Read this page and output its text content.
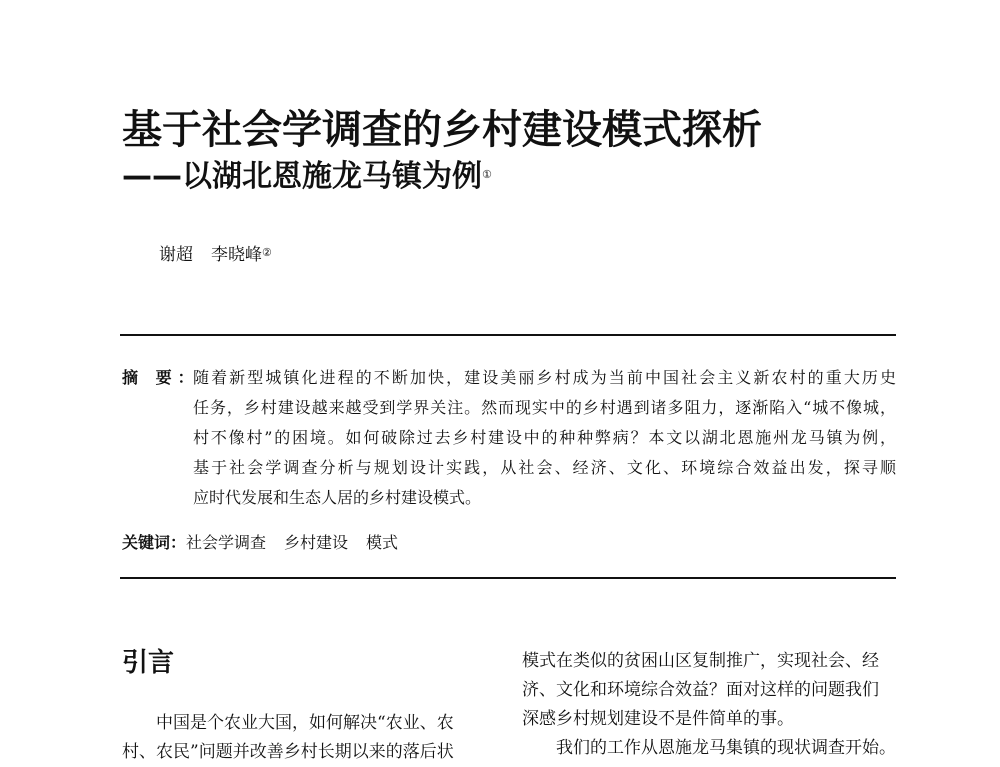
基于社会学调查的乡村建设模式探析
——以湖北恩施龙马镇为例①
谢超 李晓峰②
摘 要：
随着新型城镇化进程的不断加快，建设美丽乡村成为当前中国社会主义新农村的重大历史
任务，乡村建设越来越受到学界关注。然而现实中的乡村遇到诸多阻力，逐渐陷入“城不像城，
村不像村”的困境。如何破除过去乡村建设中的种种弊病？本文以湖北恩施州龙马镇为例，
基于社会学调查分析与规划设计实践，从社会、经济、文化、环境综合效益出发，探寻顺
应时代发展和生态人居的乡村建设模式。
关键词：社会学调查 乡村建设 模式
引言
中国是个农业大国，如何解决“农业、农
村、农民”问题并改善乡村长期以来的落后状
模式在类似的贫困山区复制推广，实现社会、经
济、文化和环境综合效益？面对这样的问题我们
深感乡村规划建设不是件简单的事。
我们的工作从恩施龙马集镇的现状调查开始。
